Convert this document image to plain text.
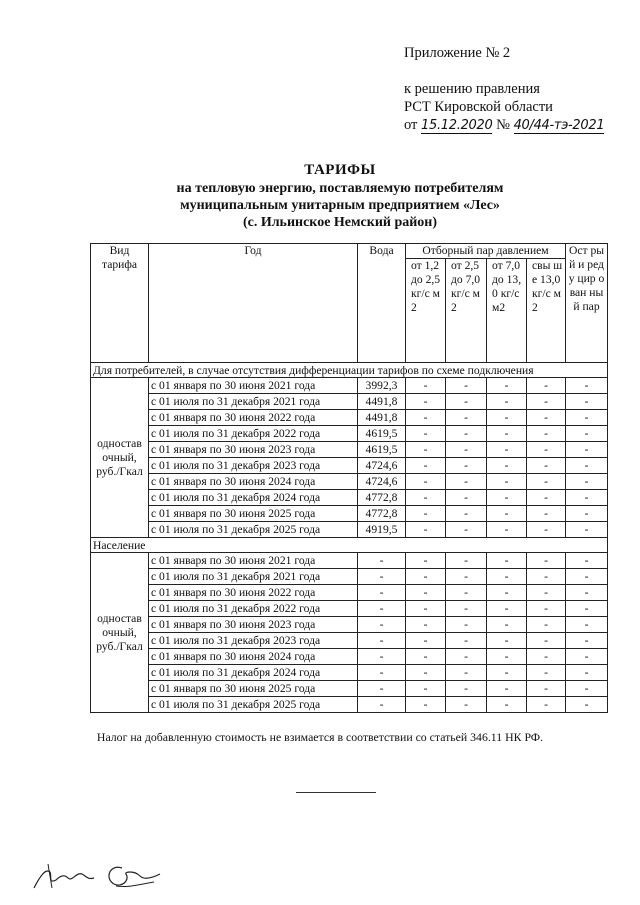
Приложение № 2
к решению правления
РСТ Кировской области
от 15.12.2020 № 40/44-тэ-2021
ТАРИФЫ
на тепловую энергию, поставляемую потребителям
муниципальным унитарным предприятием «Лес»
(с. Ильинское Немский район)
Вид тарифа	Год	Вода	Отборный пар давлением				Ост рый и реду цир ован ный пар
			от 1,2 до 2,5 кг/с м2	от 2,5 до 7,0 кг/с м2	от 7,0 до 13,0 кг/с м2	свы ше 13,0 кг/с м2	
Для потребителей, в случае отсутствия дифференциации тарифов по схеме подключения							
одностав очный, руб./Гкал	с 01 января по 30 июня 2021 года	3992,3	-	-	-	-	-
	с 01 июля по 31 декабря 2021 года	4491,8	-	-	-	-	-
	с 01 января по 30 июня 2022 года	4491,8	-	-	-	-	-
	с 01 июля по 31 декабря 2022 года	4619,5	-	-	-	-	-
	с 01 января по 30 июня 2023 года	4619,5	-	-	-	-	-
	с 01 июля по 31 декабря 2023 года	4724,6	-	-	-	-	-
	с 01 января по 30 июня 2024 года	4724,6	-	-	-	-	-
	с 01 июля по 31 декабря 2024 года	4772,8	-	-	-	-	-
	с 01 января по 30 июня 2025 года	4772,8	-	-	-	-	-
	с 01 июля по 31 декабря 2025 года	4919,5	-	-	-	-	-
Население							
одностав очный, руб./Гкал	с 01 января по 30 июня 2021 года	-	-	-	-	-	-
	с 01 июля по 31 декабря 2021 года	-	-	-	-	-	-
	с 01 января по 30 июня 2022 года	-	-	-	-	-	-
	с 01 июля по 31 декабря 2022 года	-	-	-	-	-	-
	с 01 января по 30 июня 2023 года	-	-	-	-	-	-
	с 01 июля по 31 декабря 2023 года	-	-	-	-	-	-
	с 01 января по 30 июня 2024 года	-	-	-	-	-	-
	с 01 июля по 31 декабря 2024 года	-	-	-	-	-	-
	с 01 января по 30 июня 2025 года	-	-	-	-	-	-
	с 01 июля по 31 декабря 2025 года	-	-	-	-	-	-
Налог на добавленную стоимость не взимается в соответствии со статьей 346.11 НК РФ.
